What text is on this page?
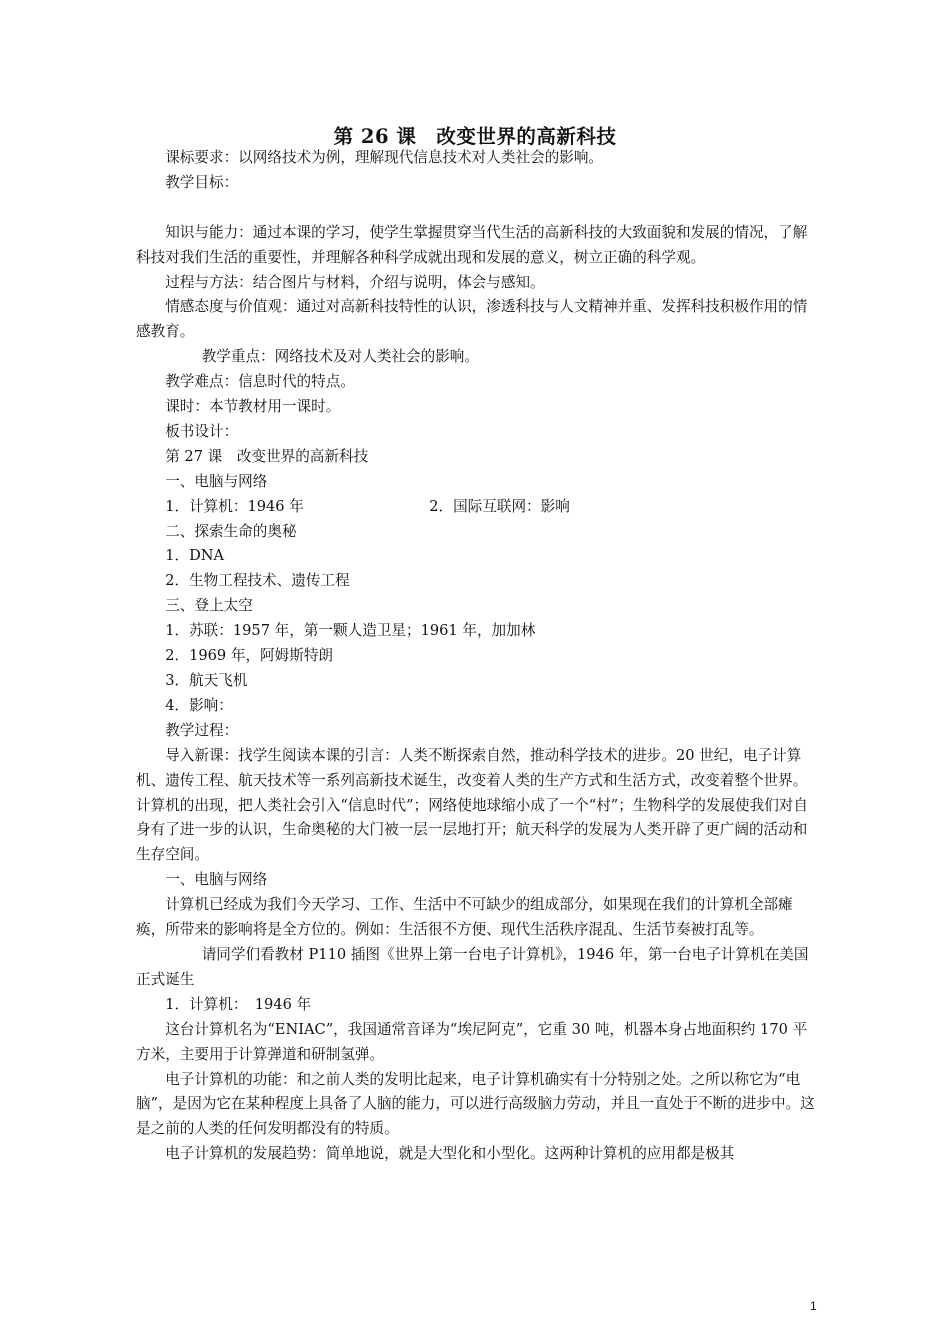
第 26 课　改变世界的高新科技

课标要求：以网络技术为例，理解现代信息技术对人类社会的影响。

教学目标：

知识与能力：通过本课的学习，使学生掌握贯穿当代生活的高新科技的大致面貌和发展的情况，了解科技对我们生活的重要性，并理解各种科学成就出现和发展的意义，树立正确的科学观。

过程与方法：结合图片与材料，介绍与说明，体会与感知。

情感态度与价值观：通过对高新科技特性的认识，渗透科技与人文精神并重、发挥科技积极作用的情感教育。

教学重点：网络技术及对人类社会的影响。

教学难点：信息时代的特点。

课时：本节教材用一课时。

板书设计：

第 27 课　改变世界的高新科技

一、电脑与网络

1．计算机：1946 年	2．国际互联网：影响

二、探索生命的奥秘

1．DNA

2．生物工程技术、遗传工程

三、登上太空

1．苏联：1957 年，第一颗人造卫星；1961 年，加加林

2．1969 年，阿姆斯特朗

3．航天飞机

4．影响：

教学过程：

导入新课：找学生阅读本课的引言：人类不断探索自然，推动科学技术的进步。20 世纪，电子计算机、遗传工程、航天技术等一系列高新技术诞生，改变着人类的生产方式和生活方式，改变着整个世界。计算机的出现，把人类社会引入“信息时代”；网络使地球缩小成了一个“村”；生物科学的发展使我们对自身有了进一步的认识，生命奥秘的大门被一层一层地打开；航天科学的发展为人类开辟了更广阔的活动和生存空间。

一、电脑与网络

计算机已经成为我们今天学习、工作、生活中不可缺少的组成部分，如果现在我们的计算机全部瘫痪，所带来的影响将是全方位的。例如：生活很不方便、现代生活秩序混乱、生活节奏被打乱等。

请同学们看教材 P110 插图《世界上第一台电子计算机》，1946 年，第一台电子计算机在美国正式诞生

1．计算机：　1946 年

这台计算机名为“ENIAC”，我国通常音译为“埃尼阿克”，它重 30 吨，机器本身占地面积约 170 平方米，主要用于计算弹道和研制氢弹。

电子计算机的功能：和之前人类的发明比起来，电子计算机确实有十分特别之处。之所以称它为“电脑”，是因为它在某种程度上具备了人脑的能力，可以进行高级脑力劳动，并且一直处于不断的进步中。这是之前的人类的任何发明都没有的特质。

电子计算机的发展趋势：简单地说，就是大型化和小型化。这两种计算机的应用都是极其

1
